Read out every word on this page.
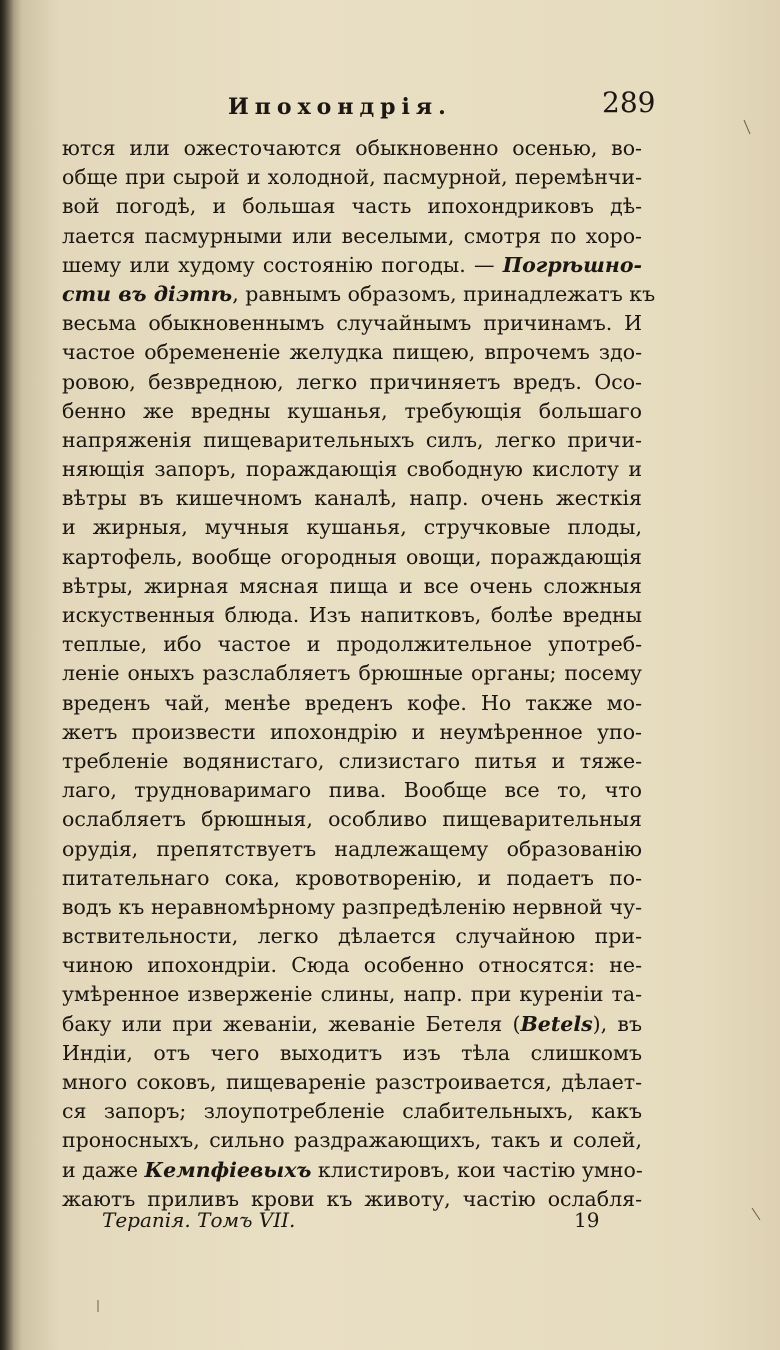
Ипохондрія.	289
ются или ожесточаются обыкновенно осенью, во-
обще при сырой и холодной, пасмурной, перемѣнчи-
вой погодѣ, и большая часть ипохондриковъ дѣ-
лается пасмурными или веселыми, смотря по хоро-
шему или худому состоянію погоды. — Погрѣшно-
сти въ діэтѣ, равнымъ образомъ, принадлежатъ къ
весьма обыкновеннымъ случайнымъ причинамъ. И
частое обремененіе желудка пищею, впрочемъ здо-
ровою, безвредною, легко причиняетъ вредъ. Осо-
бенно же вредны кушанья, требующія большаго
напряженія пищеварительныхъ силъ, легко причи-
няющія запоръ, пораждающія свободную кислоту и
вѣтры въ кишечномъ каналѣ, напр. очень жесткія
и жирныя, мучныя кушанья, стручковые плоды,
картофель, вообще огородныя овощи, пораждающія
вѣтры, жирная мясная пища и все очень сложныя
искуственныя блюда. Изъ напитковъ, болѣе вредны
теплые, ибо частое и продолжительное употреб-
леніе оныхъ разслабляетъ брюшные органы; посему
вреденъ чай, менѣе вреденъ кофе. Но также мо-
жетъ произвести ипохондрію и неумѣренное упо-
требленіе водянистаго, слизистаго питья и тяже-
лаго, трудноваримаго пива. Вообще все то, что
ослабляетъ брюшныя, особливо пищеварительныя
орудія, препятствуетъ надлежащему образованію
питательнаго сока, кровотворенію, и подаетъ по-
водъ къ неравномѣрному разпредѣленію нервной чу-
вствительности, легко дѣлается случайною при-
чиною ипохондріи. Сюда особенно относятся: не-
умѣренное изверженіе слины, напр. при куреніи та-
баку или при жеваніи, жеваніе Бетеля (Betels), въ
Индіи, отъ чего выходитъ изъ тѣла слишкомъ
много соковъ, пищевареніе разстроивается, дѣлает-
ся запоръ; злоупотребленіе слабительныхъ, какъ
проносныхъ, сильно раздражающихъ, такъ и солей,
и даже Кемпфіевыхъ клистировъ, кои частію умно-
жаютъ приливъ крови къ животу, частію ослабля-
Терапія. Томъ VII.	19
